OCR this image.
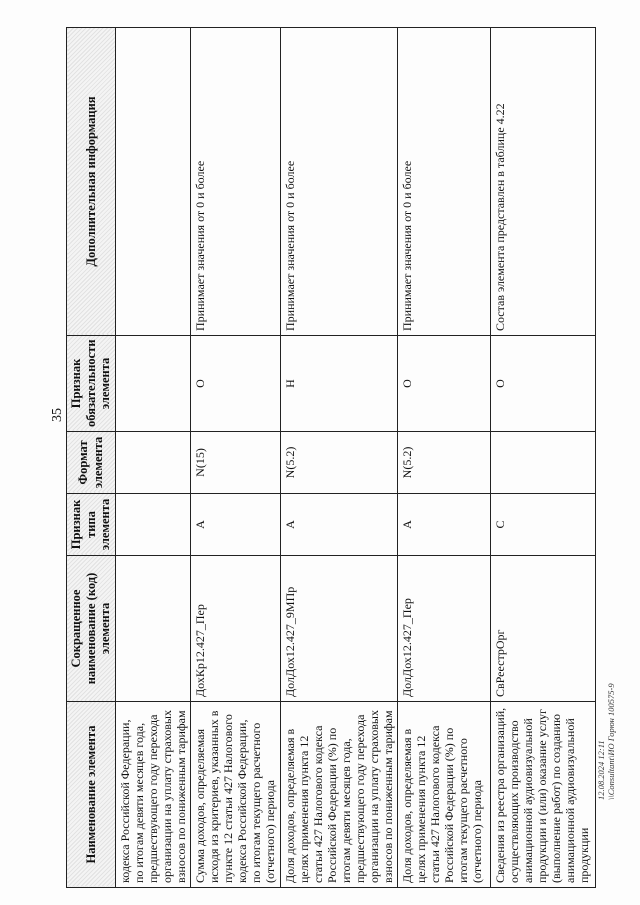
35
Наименование элемента	Сокращенное наименование (код) элемента	Признак типа элемента	Формат элемента	Признак обязательности элемента	Дополнительная информация
кодекса Российской Федерации, по итогам девяти месяцев года, предшествующего году перехода организации на уплату страховых взносов по пониженным тарифам					
Сумма доходов, определяемая исходя из критериев, указанных в пункте 12 статьи 427 Налогового кодекса Российской Федерации, по итогам текущего расчетного (отчетного) периода	ДохКр12.427_Пер	А	N(15)	О	Принимает значения от 0 и более
Доля доходов, определяемая в целях применения пункта 12 статьи 427 Налогового кодекса Российской Федерации (%) по итогам девяти месяцев года, предшествующего году перехода организации на уплату страховых взносов по пониженным тарифам	ДолДох12.427_9МПр	А	N(5.2)	Н	Принимает значения от 0 и более
Доля доходов, определяемая в целях применения пункта 12 статьи 427 Налогового кодекса Российской Федерации (%) по итогам текущего расчетного (отчетного) периода	ДолДох12.427_Пер	А	N(5.2)	О	Принимает значения от 0 и более
Сведения из реестра организаций, осуществляющих производство анимационной аудиовизуальной продукции и (или) оказание услуг (выполнение работ) по созданию анимационной аудиовизуальной продукции	СвРеестрОрг	С		О	Состав элемента представлен в таблице 4.22
12.08.2024 12:11 \\Consultant\ИО Горюн 100575-9
